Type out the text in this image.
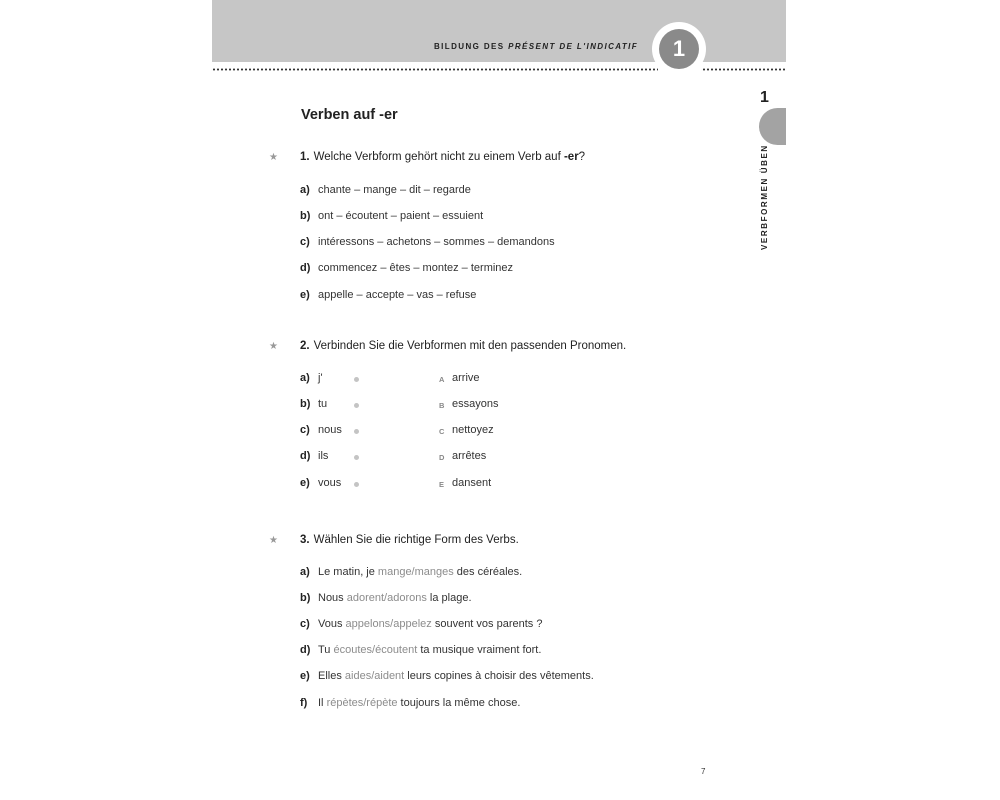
BILDUNG DES PRÉSENT DE L'INDICATIF	1
1
VERBFORMEN ÜBEN
Verben auf -er
★ 1. Welche Verbform gehört nicht zu einem Verb auf -er?
a) chante – mange – dit – regarde
b) ont – écoutent – paient – essuient
c) intéressons – achetons – sommes – demandons
d) commencez – êtes – montez – terminez
e) appelle – accepte – vas – refuse
★ 2. Verbinden Sie die Verbformen mit den passenden Pronomen.
a) j'
b) tu
c) nous
d) ils
e) vous
A arrive
B essayons
C nettoyez
D arrêtes
E dansent
★ 3. Wählen Sie die richtige Form des Verbs.
a) Le matin, je mange/manges des céréales.
b) Nous adorent/adorons la plage.
c) Vous appelons/appelez souvent vos parents ?
d) Tu écoutes/écoutent ta musique vraiment fort.
e) Elles aides/aident leurs copines à choisir des vêtements.
f) Il répètes/répète toujours la même chose.
7
